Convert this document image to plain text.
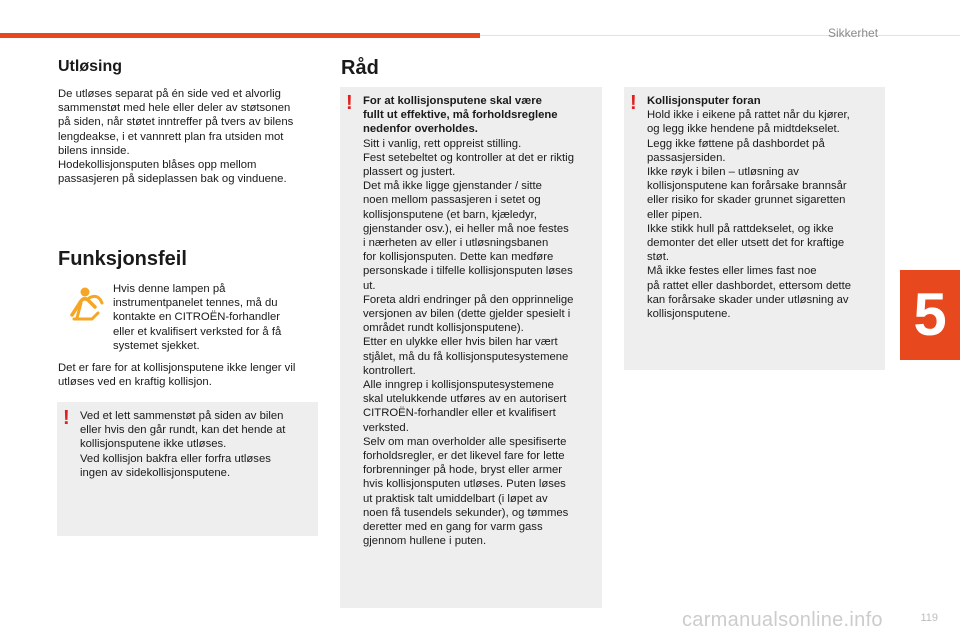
Sikkerhet
5
Utløsing
De utløses separat på én side ved et alvorlig
sammenstøt med hele eller deler av støtsonen
på siden, når støtet inntreffer på tvers av bilens
lengdeakse, i et vannrett plan fra utsiden mot
bilens innside.
Hodekollisjonsputen blåses opp mellom
passasjeren på sideplassen bak og vinduene.
Funksjonsfeil
Hvis denne lampen på
instrumentpanelet tennes, må du
kontakte en CITROËN-forhandler
eller et kvalifisert verksted for å få
systemet sjekket.
Det er fare for at kollisjonsputene ikke lenger vil
utløses ved en kraftig kollisjon.
! Ved et lett sammenstøt på siden av bilen
eller hvis den går rundt, kan det hende at
kollisjonsputene ikke utløses.
Ved kollisjon bakfra eller forfra utløses
ingen av sidekollisjonsputene.
Råd
! For at kollisjonsputene skal være
fullt ut effektive, må forholdsreglene
nedenfor overholdes.
Sitt i vanlig, rett oppreist stilling.
Fest setebeltet og kontroller at det er riktig
plassert og justert.
Det må ikke ligge gjenstander / sitte
noen mellom passasjeren i setet og
kollisjonsputene (et barn, kjæledyr,
gjenstander osv.), ei heller må noe festes
i nærheten av eller i utløsningsbanen
for kollisjonsputen. Dette kan medføre
personskade i tilfelle kollisjonsputen løses
ut.
Foreta aldri endringer på den opprinnelige
versjonen av bilen (dette gjelder spesielt i
området rundt kollisjonsputene).
Etter en ulykke eller hvis bilen har vært
stjålet, må du få kollisjonsputesystemene
kontrollert.
Alle inngrep i kollisjonsputesystemene
skal utelukkende utføres av en autorisert
CITROËN-forhandler eller et kvalifisert
verksted.
Selv om man overholder alle spesifiserte
forholdsregler, er det likevel fare for lette
forbrenninger på hode, bryst eller armer
hvis kollisjonsputen utløses. Puten løses
ut praktisk talt umiddelbart (i løpet av
noen få tusendels sekunder), og tømmes
deretter med en gang for varm gass
gjennom hullene i puten.
! Kollisjonsputer foran
Hold ikke i eikene på rattet når du kjører,
og legg ikke hendene på midtdekselet.
Legg ikke føttene på dashbordet på
passasjersiden.
Ikke røyk i bilen – utløsning av
kollisjonsputene kan forårsake brannsår
eller risiko for skader grunnet sigaretten
eller pipen.
Ikke stikk hull på rattdekselet, og ikke
demonter det eller utsett det for kraftige
støt.
Må ikke festes eller limes fast noe
på rattet eller dashbordet, ettersom dette
kan forårsake skader under utløsning av
kollisjonsputene.
carmanualsonline.info	119
